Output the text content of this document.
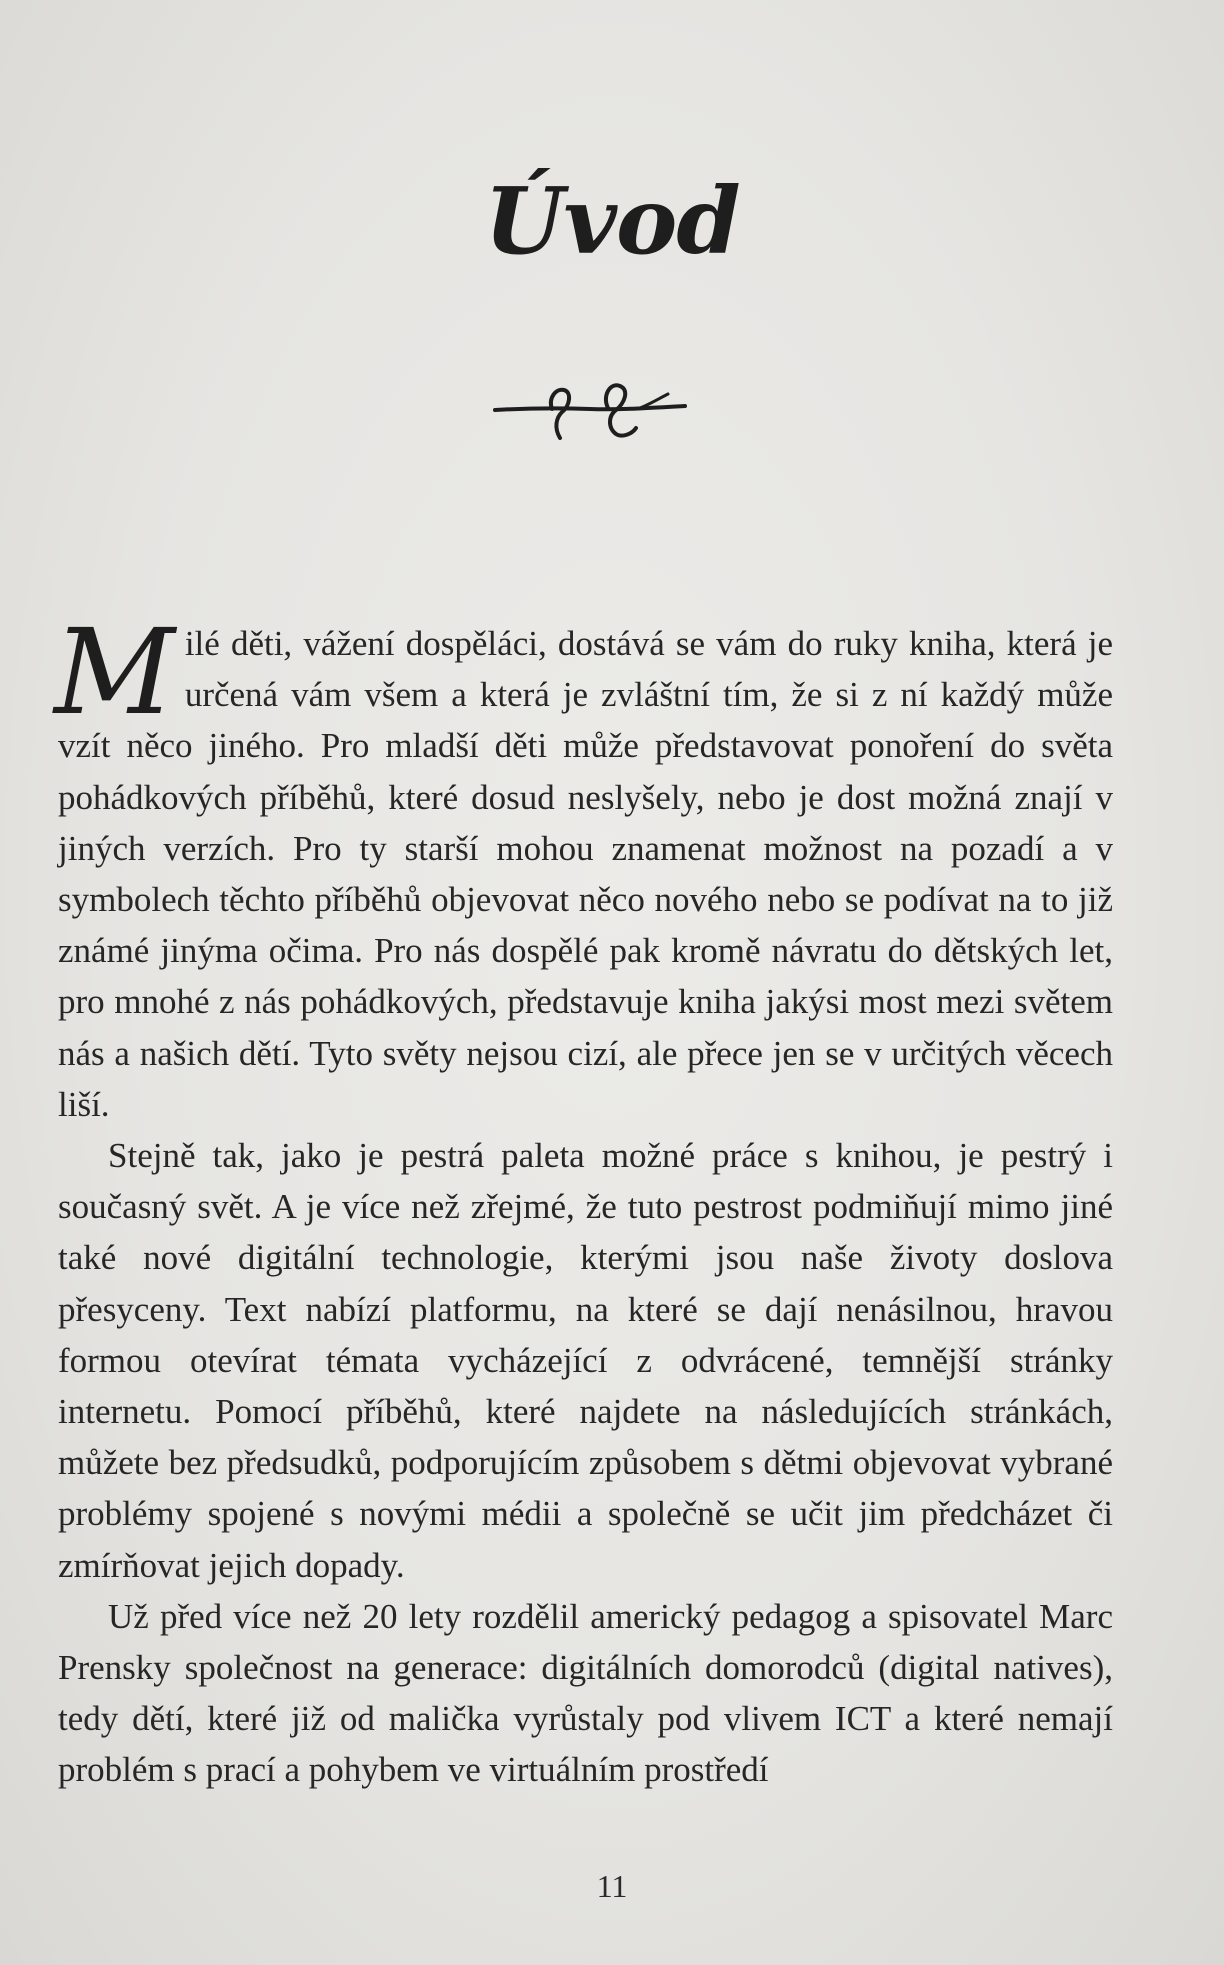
Úvod

Milé děti, vážení dospěláci, dostává se vám do ruky kniha, která je určená vám všem a která je zvláštní tím, že si z ní každý může vzít něco jiného. Pro mladší děti může představovat ponoření do světa pohádkových příběhů, které dosud neslyšely, nebo je dost možná znají v jiných verzích. Pro ty starší mohou znamenat možnost na pozadí a v symbolech těchto příběhů objevovat něco nového nebo se podívat na to již známé jinýma očima. Pro nás dospělé pak kromě návratu do dětských let, pro mnohé z nás pohádkových, představuje kniha jakýsi most mezi světem nás a našich dětí. Tyto světy nejsou cizí, ale přece jen se v určitých věcech liší.

Stejně tak, jako je pestrá paleta možné práce s knihou, je pestrý i současný svět. A je více než zřejmé, že tuto pestrost podmiňují mimo jiné také nové digitální technologie, kterými jsou naše životy doslova přesyceny. Text nabízí platformu, na které se dají nenásilnou, hravou formou otevírat témata vycházející z odvrácené, temnější stránky internetu. Pomocí příběhů, které najdete na následujících stránkách, můžete bez předsudků, podporujícím způsobem s dětmi objevovat vybrané problémy spojené s novými médii a společně se učit jim předcházet či zmírňovat jejich dopady.

Už před více než 20 lety rozdělil americký pedagog a spisovatel Marc Prensky společnost na generace: digitálních domorodců (digital natives), tedy dětí, které již od malička vyrůstaly pod vlivem ICT a které nemají problém s prací a pohybem ve virtuálním prostředí

11
